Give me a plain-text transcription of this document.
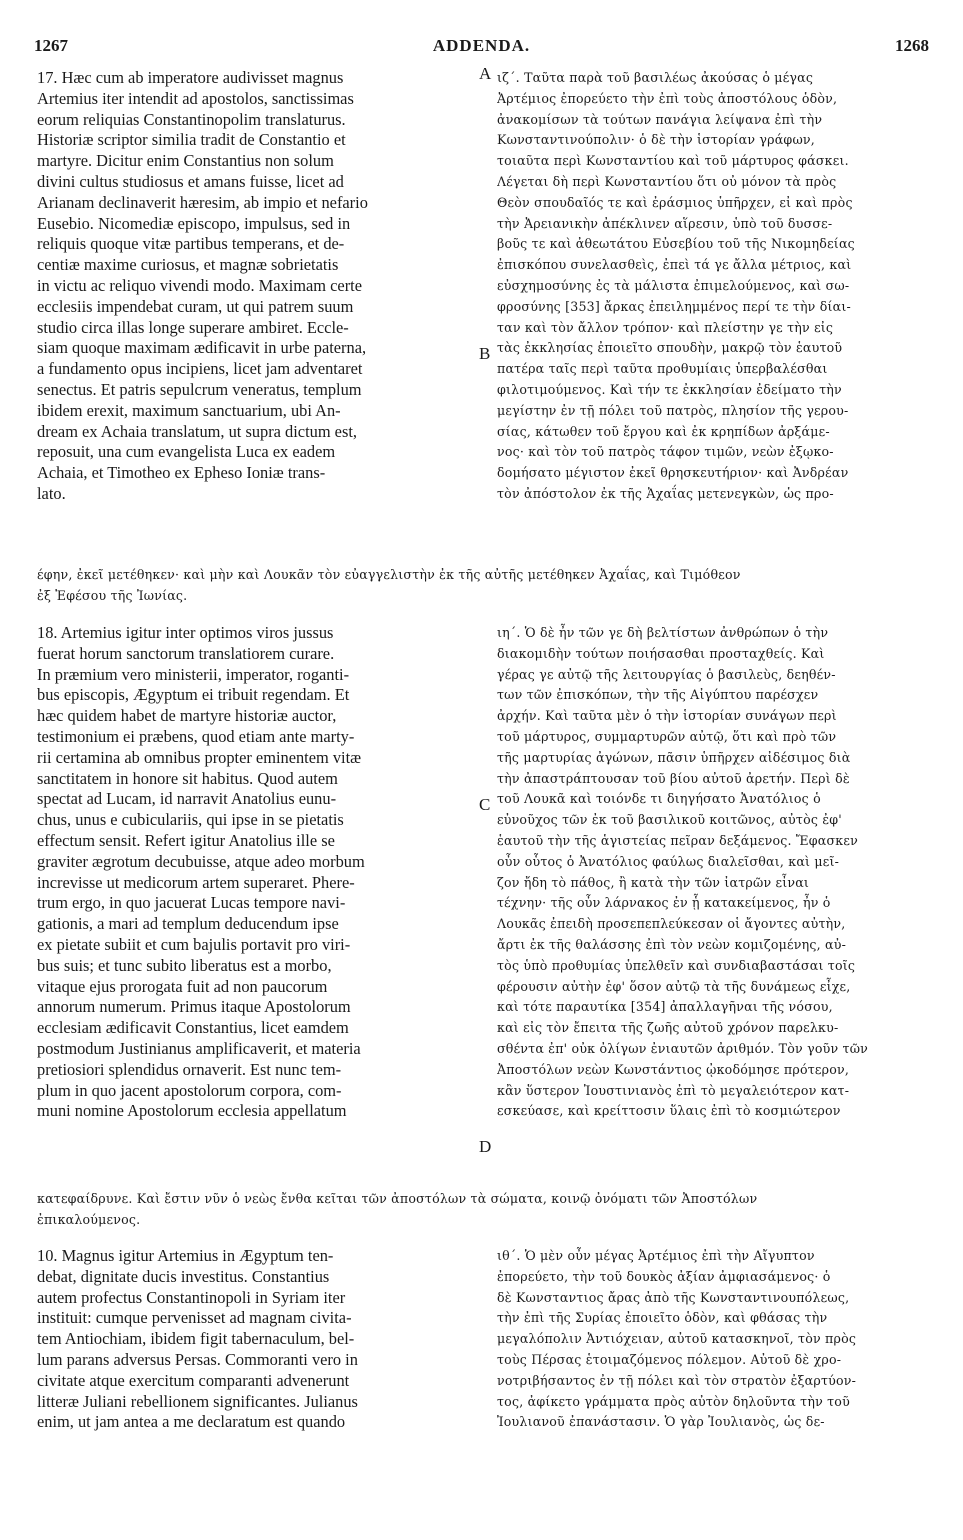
1267	ADDENDA.	1268
A
B
C
D
17. Hæc cum ab imperatore audivisset magnus
Artemius iter intendit ad apostolos, sanctissimas
eorum reliquias Constantinopolim translaturus.
Historiæ scriptor similia tradit de Constantio et
martyre. Dicitur enim Constantius non solum
divini cultus studiosus et amans fuisse, licet ad
Arianam declinaverit hæresim, ab impio et nefario
Eusebio. Nicomediæ episcopo, impulsus, sed in
reliquis quoque vitæ partibus temperans, et de-
centiæ maxime curiosus, et magnæ sobrietatis
in victu ac reliquo vivendi modo. Maximam certe
ecclesiis impendebat curam, ut qui patrem suum
studio circa illas longe superare ambiret. Eccle-
siam quoque maximam ædificavit in urbe paterna,
a fundamento opus incipiens, licet jam adventaret
senectus. Et patris sepulcrum veneratus, templum
ibidem erexit, maximum sanctuarium, ubi An-
dream ex Achaia translatum, ut supra dictum est,
reposuit, una cum evangelista Luca ex eadem
Achaia, et Timotheo ex Epheso Ioniæ trans-
lato.
ιζ΄. Ταῦτα παρὰ τοῦ βασιλέως ἀκούσας ὁ μέγας
Ἀρτέμιος ἐπορεύετο τὴν ἐπὶ τοὺς ἀποστόλους ὁδὸν,
ἀνακομίσων τὰ τούτων πανάγια λείψανα ἐπὶ τὴν
Κωνσταντινούπολιν· ὁ δὲ τὴν ἱστορίαν γράφων,
τοιαῦτα περὶ Κωνσταντίου καὶ τοῦ μάρτυρος φάσκει.
Λέγεται δὴ περὶ Κωνσταντίου ὅτι οὐ μόνον τὰ πρὸς
Θεὸν σπουδαῖός τε καὶ ἐράσμιος ὑπῆρχεν, εἰ καὶ πρὸς
τὴν Ἀρειανικὴν ἀπέκλινεν αἵρεσιν, ὑπὸ τοῦ δυσσε-
βοῦς τε καὶ ἀθεωτάτου Εὐσεβίου τοῦ τῆς Νικομηδείας
ἐπισκόπου συνελασθεὶς, ἐπεὶ τά γε ἄλλα μέτριος, καὶ
εὐσχημοσύνης ἐς τὰ μάλιστα ἐπιμελούμενος, καὶ σω-
φροσύνης [353] ἄρκας ἐπειλημμένος περί τε τὴν δίαι-
ταν καὶ τὸν ἄλλον τρόπον· καὶ πλείστην γε τὴν εἰς
τὰς ἐκκλησίας ἐποιεῖτο σπουδὴν, μακρῷ τὸν ἑαυτοῦ
πατέρα ταῖς περὶ ταῦτα προθυμίαις ὑπερβαλέσθαι
φιλοτιμούμενος. Καὶ τήν τε ἐκκλησίαν ἐδείματο τὴν
μεγίστην ἐν τῇ πόλει τοῦ πατρὸς, πλησίον τῆς γερου-
σίας, κάτωθεν τοῦ ἔργου καὶ ἐκ κρηπίδων ἀρξάμε-
νος· καὶ τὸν τοῦ πατρὸς τάφον τιμῶν, νεὼν ἐξῳκο-
δομήσατο μέγιστον ἐκεῖ θρησκευτήριον· καὶ Ἀνδρέαν
τὸν ἀπόστολον ἐκ τῆς Ἀχαΐας μετενεγκὼν, ὡς προ-
έφην, ἐκεῖ μετέθηκεν· καὶ μὴν καὶ Λουκᾶν τὸν εὐαγγελιστὴν ἐκ τῆς αὐτῆς μετέθηκεν Ἀχαΐας, καὶ Τιμόθεον
ἐξ Ἐφέσου τῆς Ἰωνίας.
18. Artemius igitur inter optimos viros jussus
fuerat horum sanctorum translatiorem curare.
In præmium vero ministerii, imperator, roganti-
bus episcopis, Ægyptum ei tribuit regendam. Et
hæc quidem habet de martyre historiæ auctor,
testimonium ei præbens, quod etiam ante marty-
rii certamina ab omnibus propter eminentem vitæ
sanctitatem in honore sit habitus. Quod autem
spectat ad Lucam, id narravit Anatolius eunu-
chus, unus e cubiculariis, qui ipse in se pietatis
effectum sensit. Refert igitur Anatolius ille se
graviter ægrotum decubuisse, atque adeo morbum
increvisse ut medicorum artem superaret. Phere-
trum ergo, in quo jacuerat Lucas tempore navi-
gationis, a mari ad templum deducendum ipse
ex pietate subiit et cum bajulis portavit pro viri-
bus suis; et tunc subito liberatus est a morbo,
vitaque ejus prorogata fuit ad non paucorum
annorum numerum. Primus itaque Apostolorum
ecclesiam ædificavit Constantius, licet eamdem
postmodum Justinianus amplificaverit, et materia
pretiosiori splendidus ornaverit. Est nunc tem-
plum in quo jacent apostolorum corpora, com-
muni nomine Apostolorum ecclesia appellatum
ιη΄. Ὁ δὲ ἦν τῶν γε δὴ βελτίστων ἀνθρώπων ὁ τὴν
διακομιδὴν τούτων ποιήσασθαι προσταχθείς. Καὶ
γέρας γε αὐτῷ τῆς λειτουργίας ὁ βασιλεὺς, δεηθέν-
των τῶν ἐπισκόπων, τὴν τῆς Αἰγύπτου παρέσχεν
ἀρχήν. Καὶ ταῦτα μὲν ὁ τὴν ἱστορίαν συνάγων περὶ
τοῦ μάρτυρος, συμμαρτυρῶν αὐτῷ, ὅτι καὶ πρὸ τῶν
τῆς μαρτυρίας ἀγώνων, πᾶσιν ὑπῆρχεν αἰδέσιμος διὰ
τὴν ἀπαστράπτουσαν τοῦ βίου αὐτοῦ ἀρετήν. Περὶ δὲ
τοῦ Λουκᾶ καὶ τοιόνδε τι διηγήσατο Ἀνατόλιος ὁ
εὐνοῦχος τῶν ἐκ τοῦ βασιλικοῦ κοιτῶνος, αὐτὸς ἐφ'
ἑαυτοῦ τὴν τῆς ἁγιστείας πεῖραν δεξάμενος. Ἔφασκεν
οὖν οὗτος ὁ Ἀνατόλιος φαύλως διαλεῖσθαι, καὶ μεῖ-
ζον ἤδη τὸ πάθος, ἢ κατὰ τὴν τῶν ἰατρῶν εἶναι
τέχνην· τῆς οὖν λάρνακος ἐν ᾗ κατακείμενος, ἦν ὁ
Λουκᾶς ἐπειδὴ προσεπεπλεύκεσαν οἱ ἄγοντες αὐτὴν,
ἄρτι ἐκ τῆς θαλάσσης ἐπὶ τὸν νεὼν κομιζομένης, αὐ-
τὸς ὑπὸ προθυμίας ὑπελθεῖν καὶ συνδιαβαστάσαι τοῖς
φέρουσιν αὐτὴν ἐφ' ὅσον αὐτῷ τὰ τῆς δυνάμεως εἶχε,
καὶ τότε παραυτίκα [354] ἀπαλλαγῆναι τῆς νόσου,
καὶ εἰς τὸν ἔπειτα τῆς ζωῆς αὐτοῦ χρόνον παρελκυ-
σθέντα ἐπ' οὐκ ὀλίγων ἐνιαυτῶν ἀριθμόν. Τὸν γοῦν τῶν
Ἀποστόλων νεὼν Κωνστάντιος ᾠκοδόμησε πρότερον,
κἂν ὕστερον Ἰουστινιανὸς ἐπὶ τὸ μεγαλειότερον κατ-
εσκεύασε, καὶ κρείττοσιν ὕλαις ἐπὶ τὸ κοσμιώτερον
κατεφαίδρυνε. Καὶ ἔστιν νῦν ὁ νεὼς ἔνθα κεῖται τῶν ἀποστόλων τὰ σώματα, κοινῷ ὀνόματι τῶν Ἀποστόλων
ἐπικαλούμενος.
10. Magnus igitur Artemius in Ægyptum ten-
debat, dignitate ducis investitus. Constantius
autem profectus Constantinopoli in Syriam iter
instituit: cumque pervenisset ad magnam civita-
tem Antiochiam, ibidem figit tabernaculum, bel-
lum parans adversus Persas. Commoranti vero in
civitate atque exercitum comparanti advenerunt
litteræ Juliani rebellionem significantes. Julianus
enim, ut jam antea a me declaratum est quando
ιθ΄. Ὁ μὲν οὖν μέγας Ἀρτέμιος ἐπὶ τὴν Αἴγυπτον
ἐπορεύετο, τὴν τοῦ δουκὸς ἀξίαν ἀμφιασάμενος· ὁ
δὲ Κωνσταντιος ἄρας ἀπὸ τῆς Κωνσταντινουπόλεως,
τὴν ἐπὶ τῆς Συρίας ἐποιεῖτο ὁδὸν, καὶ φθάσας τὴν
μεγαλόπολιν Ἀντιόχειαν, αὐτοῦ κατασκηνοῖ, τὸν πρὸς
τοὺς Πέρσας ἑτοιμαζόμενος πόλεμον. Αὐτοῦ δὲ χρο-
νοτριβήσαντος ἐν τῇ πόλει καὶ τὸν στρατὸν ἐξαρτύον-
τος, ἀφίκετο γράμματα πρὸς αὐτὸν δηλοῦντα τὴν τοῦ
Ἰουλιανοῦ ἐπανάστασιν. Ὁ γὰρ Ἰουλιανὸς, ὡς δε-
